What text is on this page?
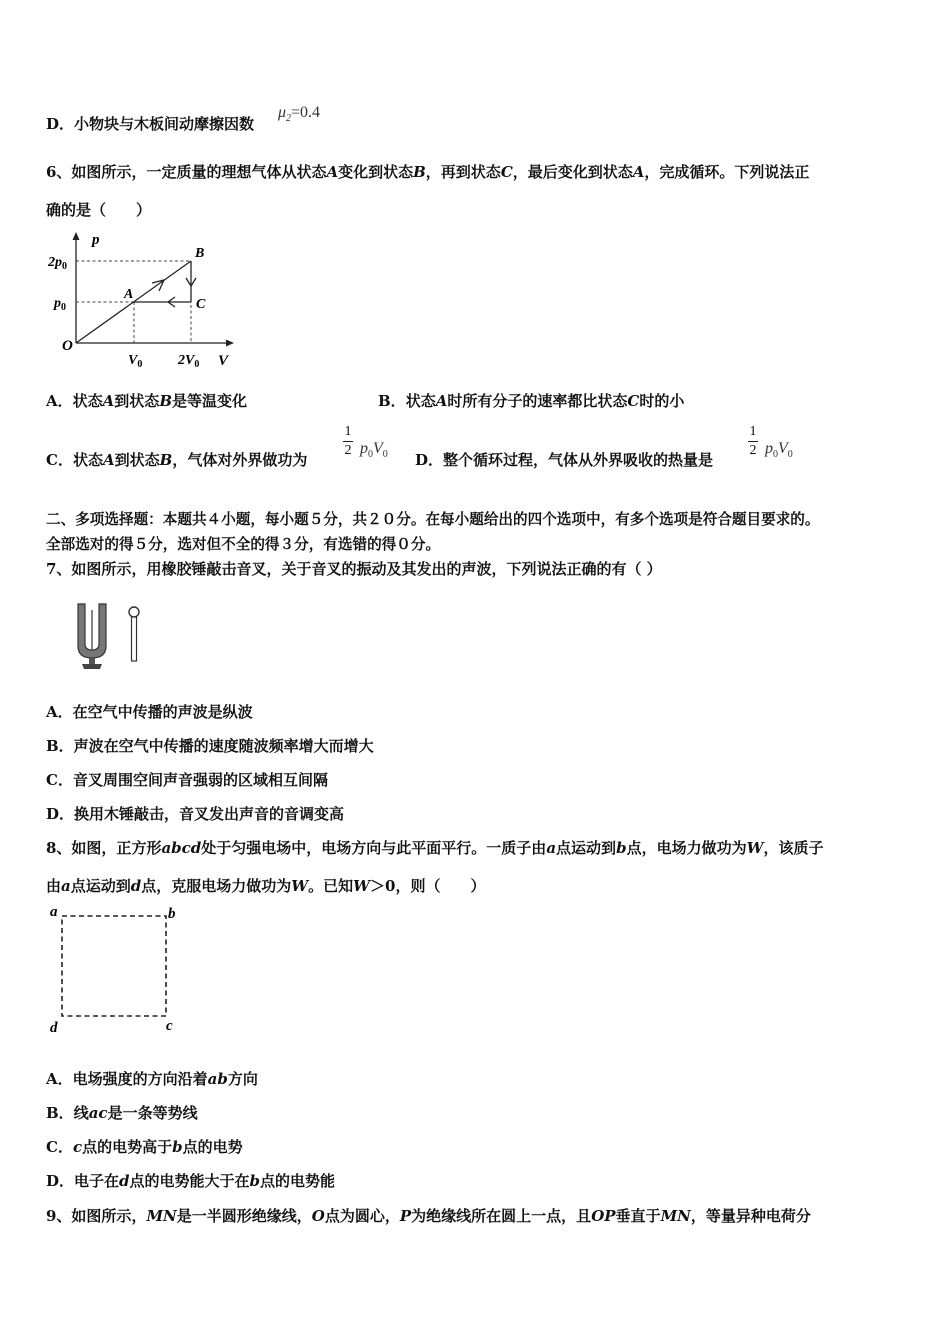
D．小物块与木板间动摩擦因数
$\mu_2=0.4$
6、如图所示，一定质量的理想气体从状态A变化到状态B，再到状态C，最后变化到状态A，完成循环。下列说法正
确的是（　　）
p
V
O
$2p_0$
$p_0$
$V_0$	$2V_0$
A
B
C
A．状态A到状态B是等温变化	B．状态A时所有分子的速率都比状态C时的小
C．状态A到状态B，气体对外界做功为
1
2 $p_0V_0$ D．整个循环过程，气体从外界吸收的热量是
1
2 $p_0V_0$
二、多项选择题：本题共４小题，每小题５分，共２０分。在每小题给出的四个选项中，有多个选项是符合题目要求的。
全部选对的得５分，选对但不全的得３分，有选错的得０分。
7、如图所示，用橡胶锤敲击音叉，关于音叉的振动及其发出的声波，下列说法正确的有（ ）
A．在空气中传播的声波是纵波
B．声波在空气中传播的速度随波频率增大而增大
C．音叉周围空间声音强弱的区域相互间隔
D．换用木锤敲击，音叉发出声音的音调变高
8、如图，正方形abcd处于匀强电场中，电场方向与此平面平行。一质子由a点运动到b点，电场力做功为W，该质子
由a点运动到d点，克服电场力做功为W。已知W＞0，则（　　）
a	b
c
d
A．电场强度的方向沿着ab方向
B．线ac是一条等势线
C．c点的电势高于b点的电势
D．电子在d点的电势能大于在b点的电势能
9、如图所示，MN是一半圆形绝缘线，O点为圆心，P为绝缘线所在圆上一点，且OP垂直于MN，等量异种电荷分
